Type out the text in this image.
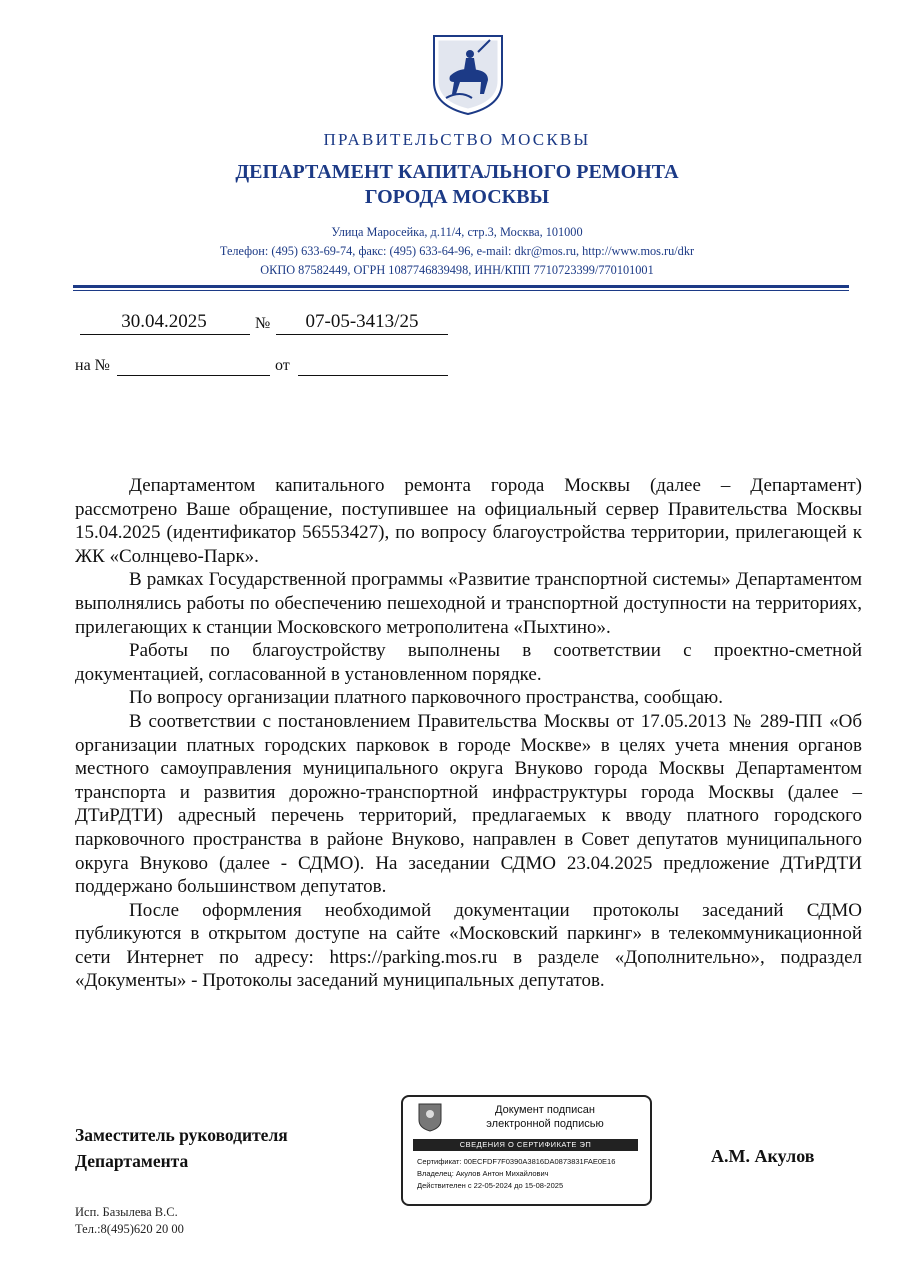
ПРАВИТЕЛЬСТВО МОСКВЫ
ДЕПАРТАМЕНТ КАПИТАЛЬНОГО РЕМОНТА
ГОРОДА МОСКВЫ
Улица Маросейка, д.11/4, стр.3, Москва, 101000
Телефон: (495) 633-69-74, факс: (495) 633-64-96, e-mail: dkr@mos.ru, http://www.mos.ru/dkr
ОКПО 87582449, ОГРН 1087746839498, ИНН/КПП 7710723399/770101001
30.04.2025	№	07-05-3413/25
на №	от

Департаментом капитального ремонта города Москвы (далее – Департамент) рассмотрено Ваше обращение, поступившее на официальный сервер Правительства Москвы 15.04.2025 (идентификатор 56553427), по вопросу благоустройства территории, прилегающей к ЖК «Солнцево-Парк».

В рамках Государственной программы «Развитие транспортной системы» Департаментом выполнялись работы по обеспечению пешеходной и транспортной доступности на территориях, прилегающих к станции Московского метрополитена «Пыхтино».

Работы по благоустройству выполнены в соответствии с проектно-сметной документацией, согласованной в установленном порядке.

По вопросу организации платного парковочного пространства, сообщаю.

В соответствии с постановлением Правительства Москвы от 17.05.2013 № 289-ПП «Об организации платных городских парковок в городе Москве» в целях учета мнения органов местного самоуправления муниципального округа Внуково города Москвы Департаментом транспорта и развития дорожно-транспортной инфраструктуры города Москвы (далее – ДТиРДТИ) адресный перечень территорий, предлагаемых к вводу платного городского парковочного пространства в районе Внуково, направлен в Совет депутатов муниципального округа Внуково (далее - СДМО). На заседании СДМО 23.04.2025 предложение ДТиРДТИ поддержано большинством депутатов.

После оформления необходимой документации протоколы заседаний СДМО публикуются в открытом доступе на сайте «Московский паркинг» в телекоммуникационной сети Интернет по адресу: https://parking.mos.ru в разделе «Дополнительно», подраздел «Документы» - Протоколы заседаний муниципальных депутатов.

Заместитель руководителя
Департамента
Документ подписан
электронной подписью
СВЕДЕНИЯ О СЕРТИФИКАТЕ ЭП
Сертификат: 00ECFDF7F0390A3816DA0873831FAE0E16
Владелец: Акулов Антон Михайлович
Действителен с 22-05-2024 до 15-08-2025
А.М. Акулов
Исп. Базылева В.С.
Тел.:8(495)620 20 00
